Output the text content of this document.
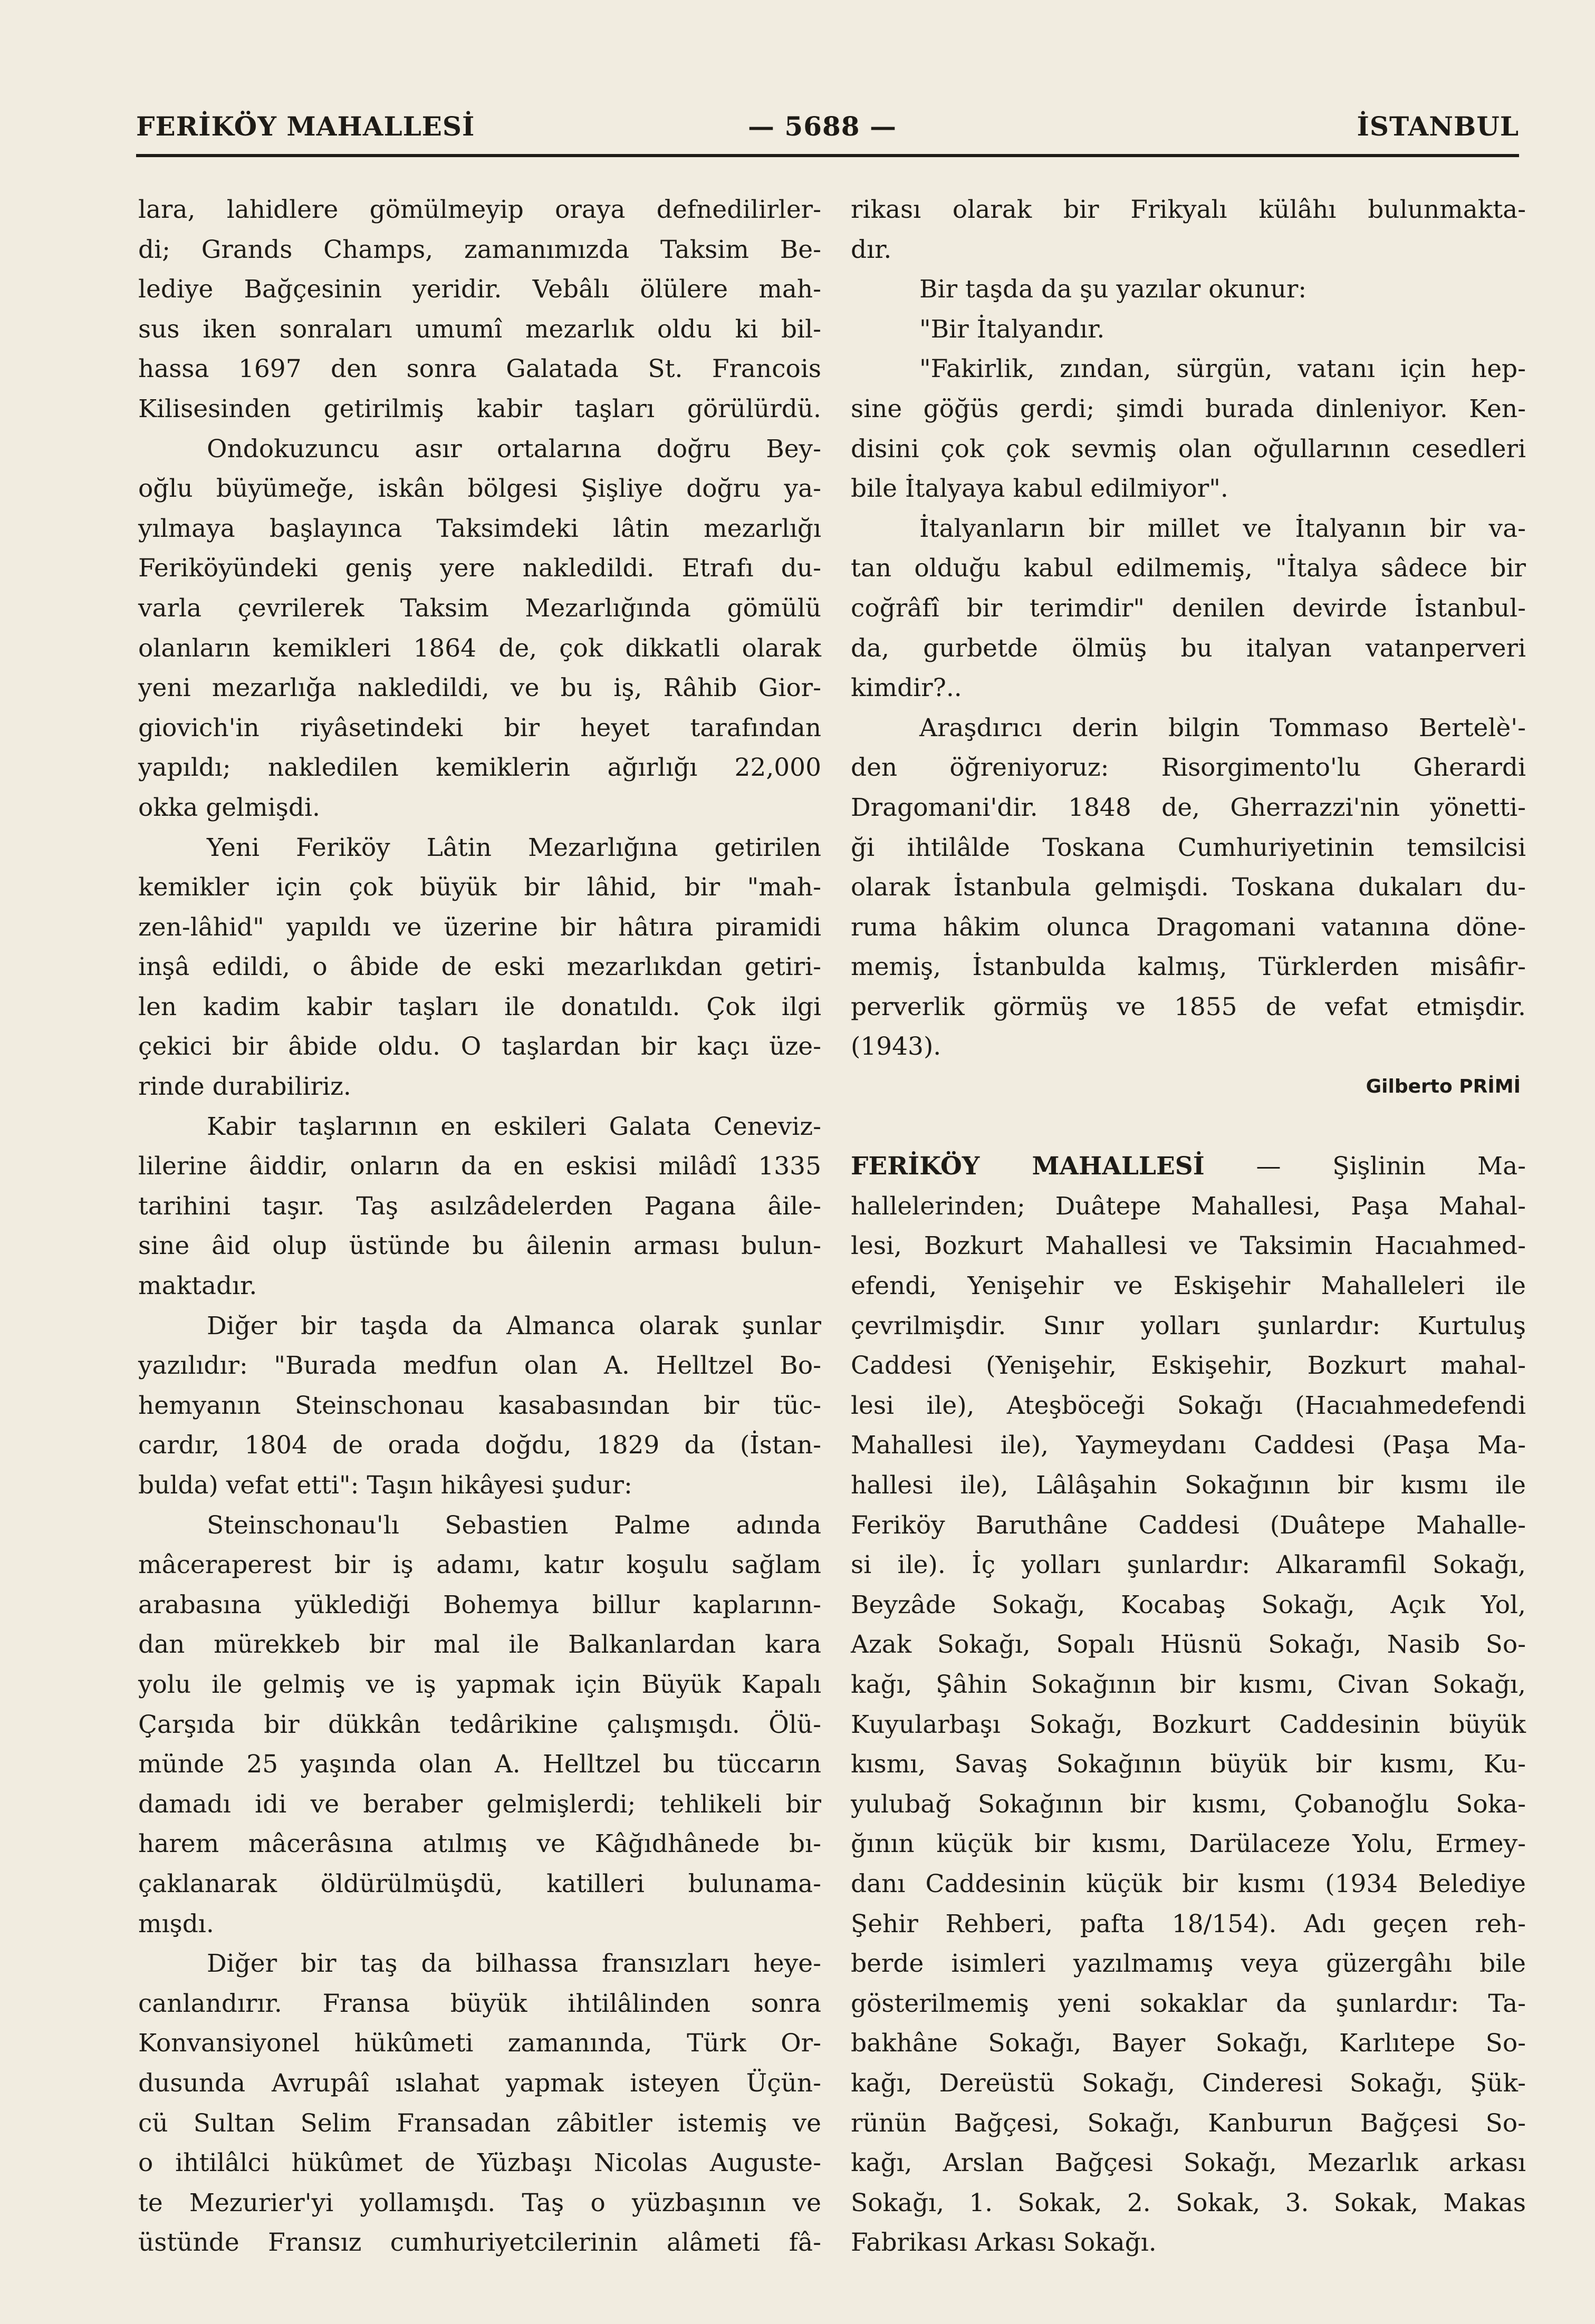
FERİKÖY MAHALLESİ	— 5688 —	İSTANBUL
lara, lahidlere gömülmeyip oraya defnedilirler-
di; Grands Champs, zamanımızda Taksim Be-
lediye Bağçesinin yeridir. Vebâlı ölülere mah-
sus iken sonraları umumî mezarlık oldu ki bil-
hassa 1697 den sonra Galatada St. Francois
Kilisesinden getirilmiş kabir taşları görülürdü.
Ondokuzuncu asır ortalarına doğru Bey-
oğlu büyümeğe, iskân bölgesi Şişliye doğru ya-
yılmaya başlayınca Taksimdeki lâtin mezarlığı
Feriköyündeki geniş yere nakledildi. Etrafı du-
varla çevrilerek Taksim Mezarlığında gömülü
olanların kemikleri 1864 de, çok dikkatli olarak
yeni mezarlığa nakledildi, ve bu iş, Râhib Gior-
giovich'in riyâsetindeki bir heyet tarafından
yapıldı; nakledilen kemiklerin ağırlığı 22,000
okka gelmişdi.
Yeni Feriköy Lâtin Mezarlığına getirilen
kemikler için çok büyük bir lâhid, bir "mah-
zen-lâhid" yapıldı ve üzerine bir hâtıra piramidi
inşâ edildi, o âbide de eski mezarlıkdan getiri-
len kadim kabir taşları ile donatıldı. Çok ilgi
çekici bir âbide oldu. O taşlardan bir kaçı üze-
rinde durabiliriz.
Kabir taşlarının en eskileri Galata Ceneviz-
lilerine âiddir, onların da en eskisi milâdî 1335
tarihini taşır. Taş asılzâdelerden Pagana âile-
sine âid olup üstünde bu âilenin arması bulun-
maktadır.
Diğer bir taşda da Almanca olarak şunlar
yazılıdır: "Burada medfun olan A. Helltzel Bo-
hemyanın Steinschonau kasabasından bir tüc-
cardır, 1804 de orada doğdu, 1829 da (İstan-
bulda) vefat etti": Taşın hikâyesi şudur:
Steinschonau'lı Sebastien Palme adında
mâceraperest bir iş adamı, katır koşulu sağlam
arabasına yüklediği Bohemya billur kaplarınn-
dan mürekkeb bir mal ile Balkanlardan kara
yolu ile gelmiş ve iş yapmak için Büyük Kapalı
Çarşıda bir dükkân tedârikine çalışmışdı. Ölü-
münde 25 yaşında olan A. Helltzel bu tüccarın
damadı idi ve beraber gelmişlerdi; tehlikeli bir
harem mâcerâsına atılmış ve Kâğıdhânede bı-
çaklanarak öldürülmüşdü, katilleri bulunama-
mışdı.
Diğer bir taş da bilhassa fransızları heye-
canlandırır. Fransa büyük ihtilâlinden sonra
Konvansiyonel hükûmeti zamanında, Türk Or-
dusunda Avrupâî ıslahat yapmak isteyen Üçün-
cü Sultan Selim Fransadan zâbitler istemiş ve
o ihtilâlci hükûmet de Yüzbaşı Nicolas Auguste-
te Mezurier'yi yollamışdı. Taş o yüzbaşının ve
üstünde Fransız cumhuriyetcilerinin alâmeti fâ-
rikası olarak bir Frikyalı külâhı bulunmakta-
dır.
Bir taşda da şu yazılar okunur:
"Bir İtalyandır.
"Fakirlik, zından, sürgün, vatanı için hep-
sine göğüs gerdi; şimdi burada dinleniyor. Ken-
disini çok çok sevmiş olan oğullarının cesedleri
bile İtalyaya kabul edilmiyor".
İtalyanların bir millet ve İtalyanın bir va-
tan olduğu kabul edilmemiş, "İtalya sâdece bir
coğrâfî bir terimdir" denilen devirde İstanbul-
da, gurbetde ölmüş bu italyan vatanperveri
kimdir?..
Araşdırıcı derin bilgin Tommaso Bertelè'-
den öğreniyoruz: Risorgimento'lu Gherardi
Dragomani'dir. 1848 de, Gherrazzi'nin yönetti-
ği ihtilâlde Toskana Cumhuriyetinin temsilcisi
olarak İstanbula gelmişdi. Toskana dukaları du-
ruma hâkim olunca Dragomani vatanına döne-
memiş, İstanbulda kalmış, Türklerden misâfir-
perverlik görmüş ve 1855 de vefat etmişdir.
(1943).
Gilberto PRİMİ
FERİKÖY MAHALLESİ — Şişlinin Ma-
hallelerinden; Duâtepe Mahallesi, Paşa Mahal-
lesi, Bozkurt Mahallesi ve Taksimin Hacıahmed-
efendi, Yenişehir ve Eskişehir Mahalleleri ile
çevrilmişdir. Sınır yolları şunlardır: Kurtuluş
Caddesi (Yenişehir, Eskişehir, Bozkurt mahal-
lesi ile), Ateşböceği Sokağı (Hacıahmedefendi
Mahallesi ile), Yaymeydanı Caddesi (Paşa Ma-
hallesi ile), Lâlâşahin Sokağının bir kısmı ile
Feriköy Baruthâne Caddesi (Duâtepe Mahalle-
si ile). İç yolları şunlardır: Alkaramfil Sokağı,
Beyzâde Sokağı, Kocabaş Sokağı, Açık Yol,
Azak Sokağı, Sopalı Hüsnü Sokağı, Nasib So-
kağı, Şâhin Sokağının bir kısmı, Civan Sokağı,
Kuyularbaşı Sokağı, Bozkurt Caddesinin büyük
kısmı, Savaş Sokağının büyük bir kısmı, Ku-
yulubağ Sokağının bir kısmı, Çobanoğlu Soka-
ğının küçük bir kısmı, Darülaceze Yolu, Ermey-
danı Caddesinin küçük bir kısmı (1934 Belediye
Şehir Rehberi, pafta 18/154). Adı geçen reh-
berde isimleri yazılmamış veya güzergâhı bile
gösterilmemiş yeni sokaklar da şunlardır: Ta-
bakhâne Sokağı, Bayer Sokağı, Karlıtepe So-
kağı, Dereüstü Sokağı, Cinderesi Sokağı, Şük-
rünün Bağçesi, Sokağı, Kanburun Bağçesi So-
kağı, Arslan Bağçesi Sokağı, Mezarlık arkası
Sokağı, 1. Sokak, 2. Sokak, 3. Sokak, Makas
Fabrikası Arkası Sokağı.
